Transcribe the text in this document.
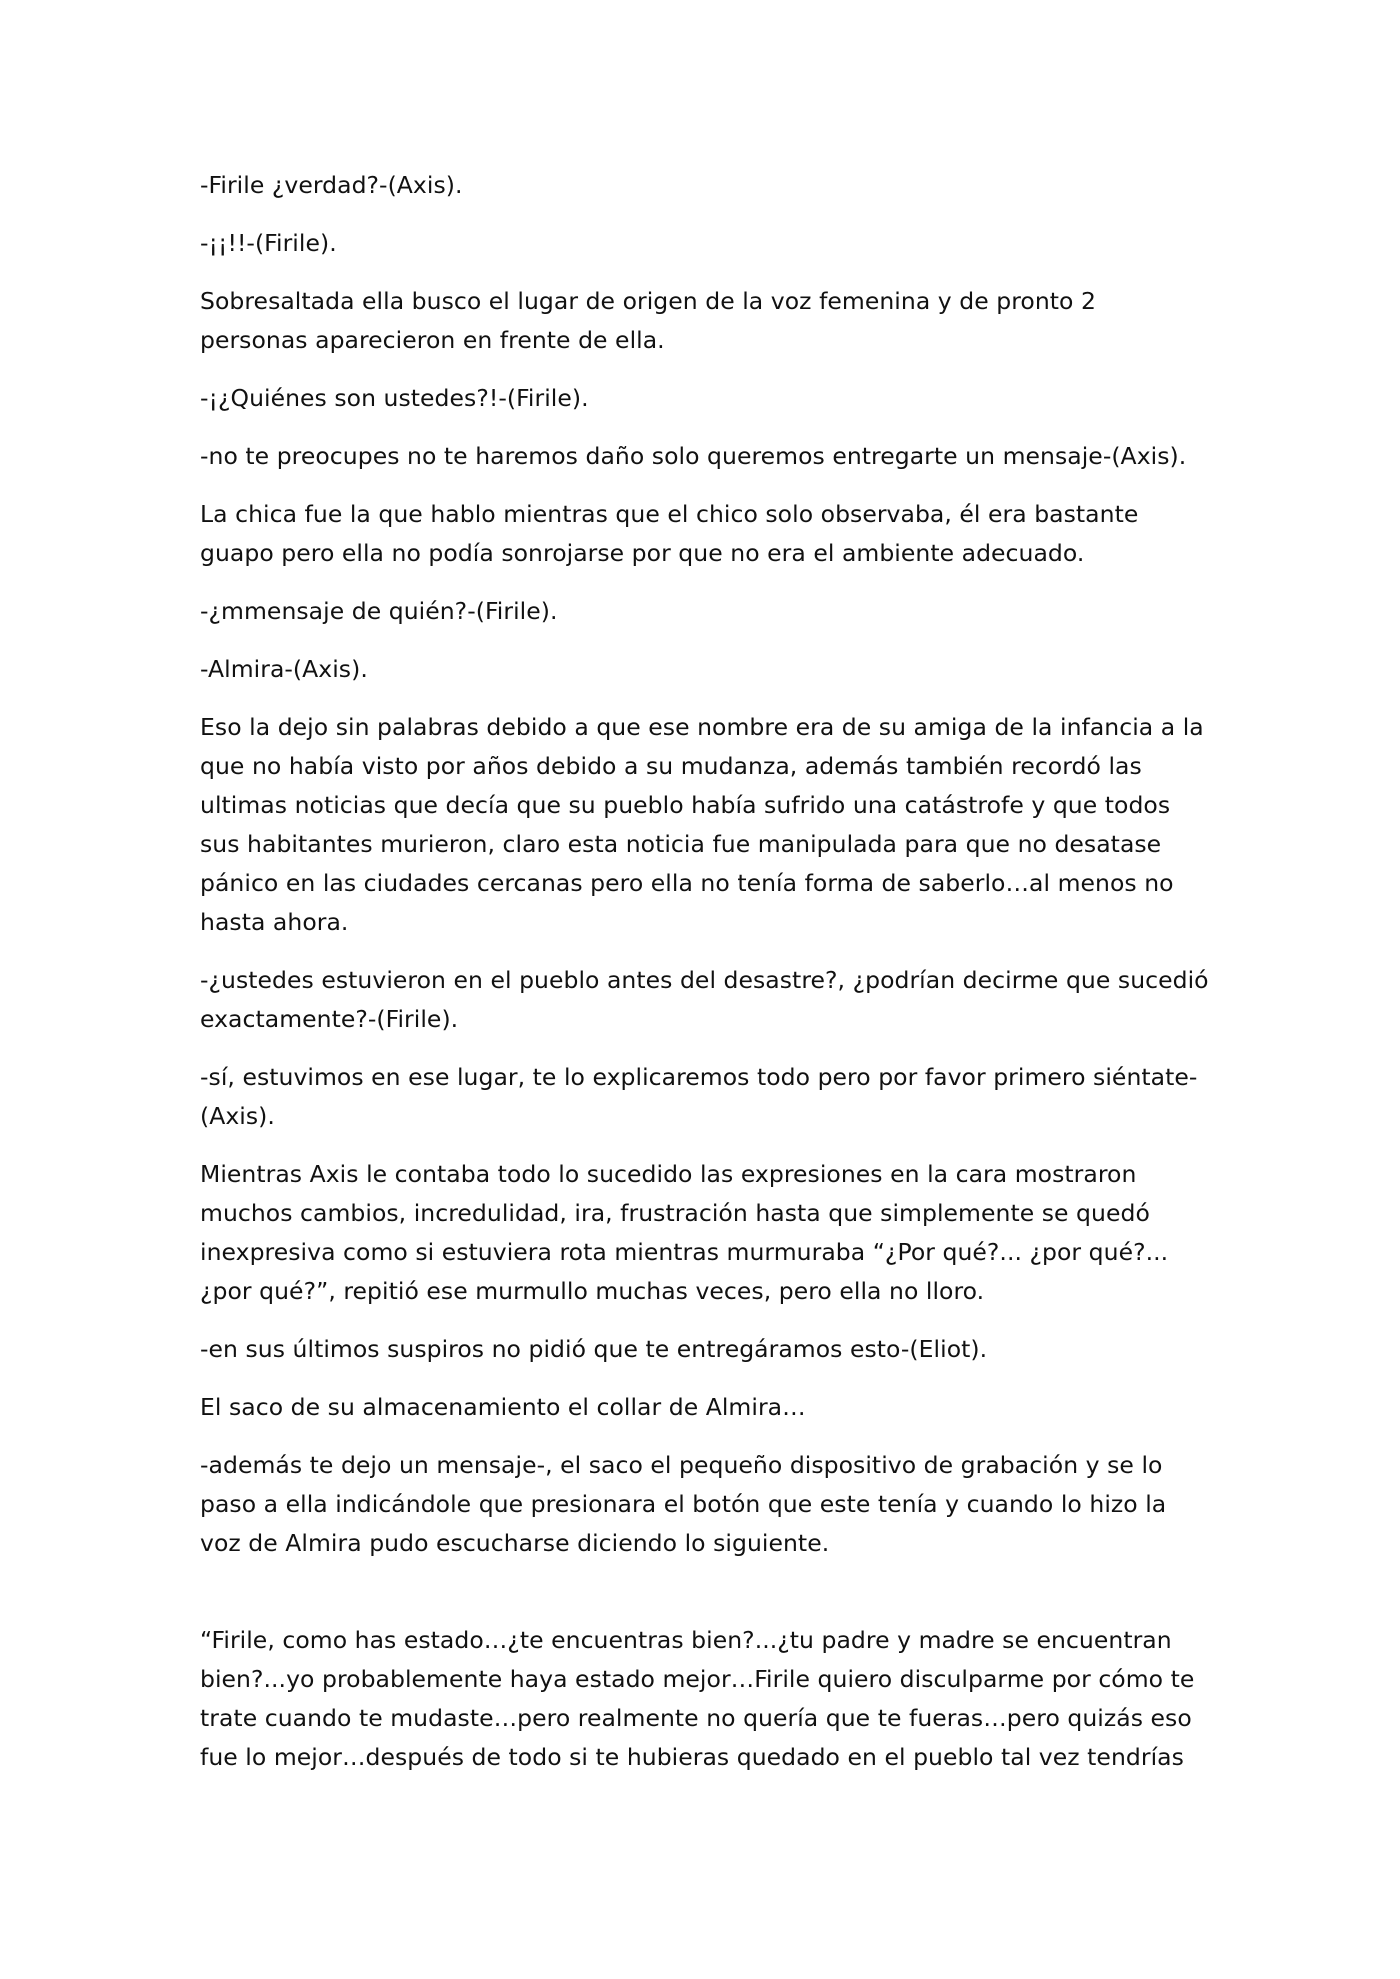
-Firile ¿verdad?-(Axis).

-¡¡!!-(Firile).

Sobresaltada ella busco el lugar de origen de la voz femenina y de pronto 2 personas aparecieron en frente de ella.

-¡¿Quiénes son ustedes?!-(Firile).

-no te preocupes no te haremos daño solo queremos entregarte un mensaje-(Axis).

La chica fue la que hablo mientras que el chico solo observaba, él era bastante guapo pero ella no podía sonrojarse por que no era el ambiente adecuado.

-¿mmensaje de quién?-(Firile).

-Almira-(Axis).

Eso la dejo sin palabras debido a que ese nombre era de su amiga de la infancia a la que no había visto por años debido a su mudanza, además también recordó las ultimas noticias que decía que su pueblo había sufrido una catástrofe y que todos sus habitantes murieron, claro esta noticia fue manipulada para que no desatase pánico en las ciudades cercanas pero ella no tenía forma de saberlo…al menos no hasta ahora.

-¿ustedes estuvieron en el pueblo antes del desastre?, ¿podrían decirme que sucedió exactamente?-(Firile).

-sí, estuvimos en ese lugar, te lo explicaremos todo pero por favor primero siéntate-(Axis).

Mientras Axis le contaba todo lo sucedido las expresiones en la cara mostraron muchos cambios, incredulidad, ira, frustración hasta que simplemente se quedó inexpresiva como si estuviera rota mientras murmuraba “¿Por qué?... ¿por qué?... ¿por qué?”, repitió ese murmullo muchas veces, pero ella no lloro.

-en sus últimos suspiros no pidió que te entregáramos esto-(Eliot).

El saco de su almacenamiento el collar de Almira…

-además te dejo un mensaje-, el saco el pequeño dispositivo de grabación y se lo paso a ella indicándole que presionara el botón que este tenía y cuando lo hizo la voz de Almira pudo escucharse diciendo lo siguiente.

“Firile, como has estado…¿te encuentras bien?...¿tu padre y madre se encuentran bien?...yo probablemente haya estado mejor…Firile quiero disculparme por cómo te trate cuando te mudaste…pero realmente no quería que te fueras…pero quizás eso fue lo mejor…después de todo si te hubieras quedado en el pueblo tal vez tendrías
